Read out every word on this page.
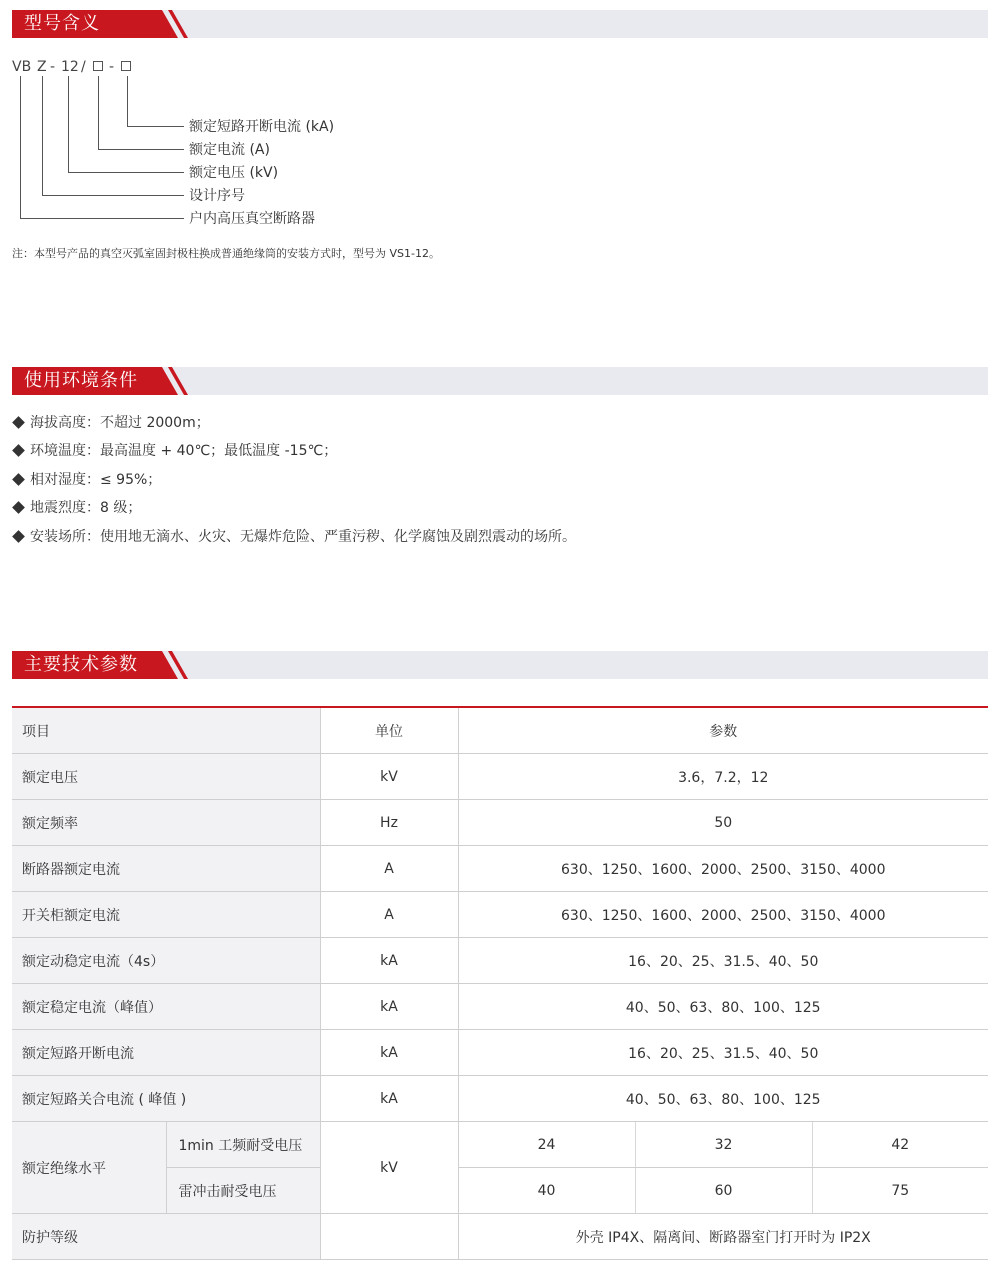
型号含义
VB Z - 12 / -
额定短路开断电流 (kA)
额定电流 (A)
额定电压 (kV)
设计序号
户内高压真空断路器
注：本型号产品的真空灭弧室固封极柱换成普通绝缘筒的安装方式时，型号为 VS1-12。
使用环境条件
海拔高度：不超过 2000m；
环境温度：最高温度 + 40℃；最低温度 -15℃；
相对湿度：≤ 95%；
地震烈度：8 级；
安装场所：使用地无滴水、火灾、无爆炸危险、严重污秽、化学腐蚀及剧烈震动的场所。
主要技术参数
项目		单位	参数		
额定电压		kV	3.6，7.2，12		
额定频率		Hz	50		
断路器额定电流		A	630、1250、1600、2000、2500、3150、4000		
开关柜额定电流		A	630、1250、1600、2000、2500、3150、4000		
额定动稳定电流（4s）		kA	16、20、25、31.5、40、50		
额定稳定电流（峰值）		kA	40、50、63、80、100、125		
额定短路开断电流		kA	16、20、25、31.5、40、50		
额定短路关合电流 ( 峰值 )		kA	40、50、63、80、100、125		
额定绝缘水平	1min 工频耐受电压	kV	24	32	42
	雷冲击耐受电压		40	60	75
防护等级			外壳 IP4X、隔离间、断路器室门打开时为 IP2X		
